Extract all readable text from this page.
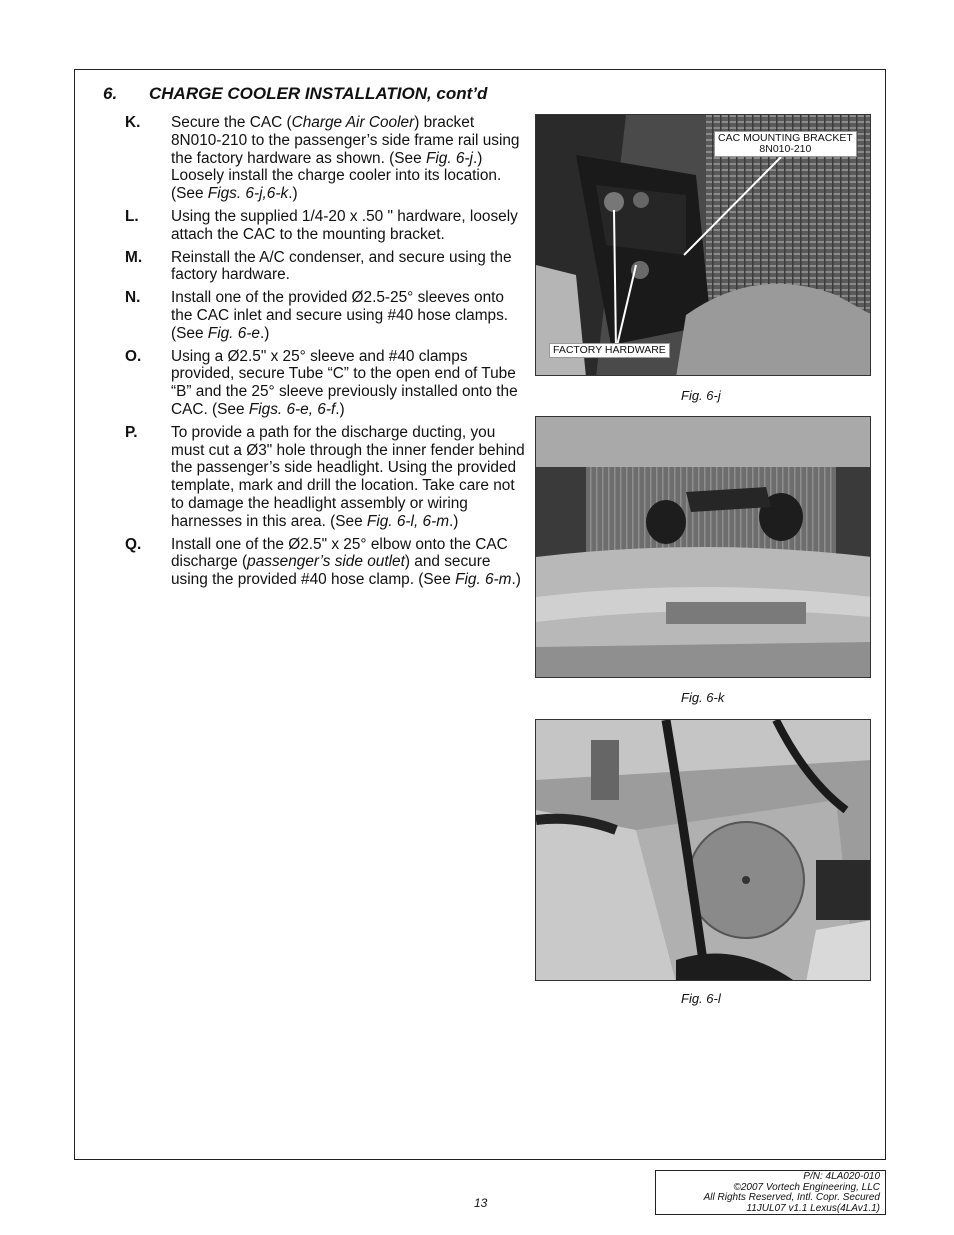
6. CHARGE COOLER INSTALLATION, cont’d
K.	Secure the CAC (Charge Air Cooler) bracket 8N010-210 to the passenger’s side frame rail using the factory hardware as shown. (See Fig. 6-j.) Loosely install the charge cooler into its location. (See Figs. 6-j,6-k.)
L.	Using the supplied 1/4-20 x .50 " hardware, loosely attach the CAC to the mounting bracket.
M.	Reinstall the A/C condenser, and secure using the factory hardware.
N.	Install one of the provided Ø2.5-25° sleeves onto the CAC inlet and secure using #40 hose clamps. (See Fig. 6-e.)
O.	Using a Ø2.5" x 25° sleeve and #40 clamps provided, secure Tube “C” to the open end of Tube “B” and the 25° sleeve previously installed onto the CAC. (See Figs. 6-e, 6-f.)
P.	To provide a path for the discharge ducting, you must cut a Ø3" hole through the inner fender behind the passenger’s side headlight. Using the provided template, mark and drill the location. Take care not to damage the headlight assembly or wiring harnesses in this area. (See Fig. 6-l, 6-m.)
Q.	Install one of the Ø2.5" x 25° elbow onto the CAC discharge (passenger’s side outlet) and secure using the provided #40 hose clamp. (See Fig. 6-m.)
CAC MOUNTING BRACKET
8N010-210
FACTORY HARDWARE
Fig. 6-j
Fig. 6-k
Fig. 6-l
13
P/N: 4LA020-010
©2007 Vortech Engineering, LLC
All Rights Reserved, Intl. Copr. Secured
11JUL07 v1.1 Lexus(4LAv1.1)
